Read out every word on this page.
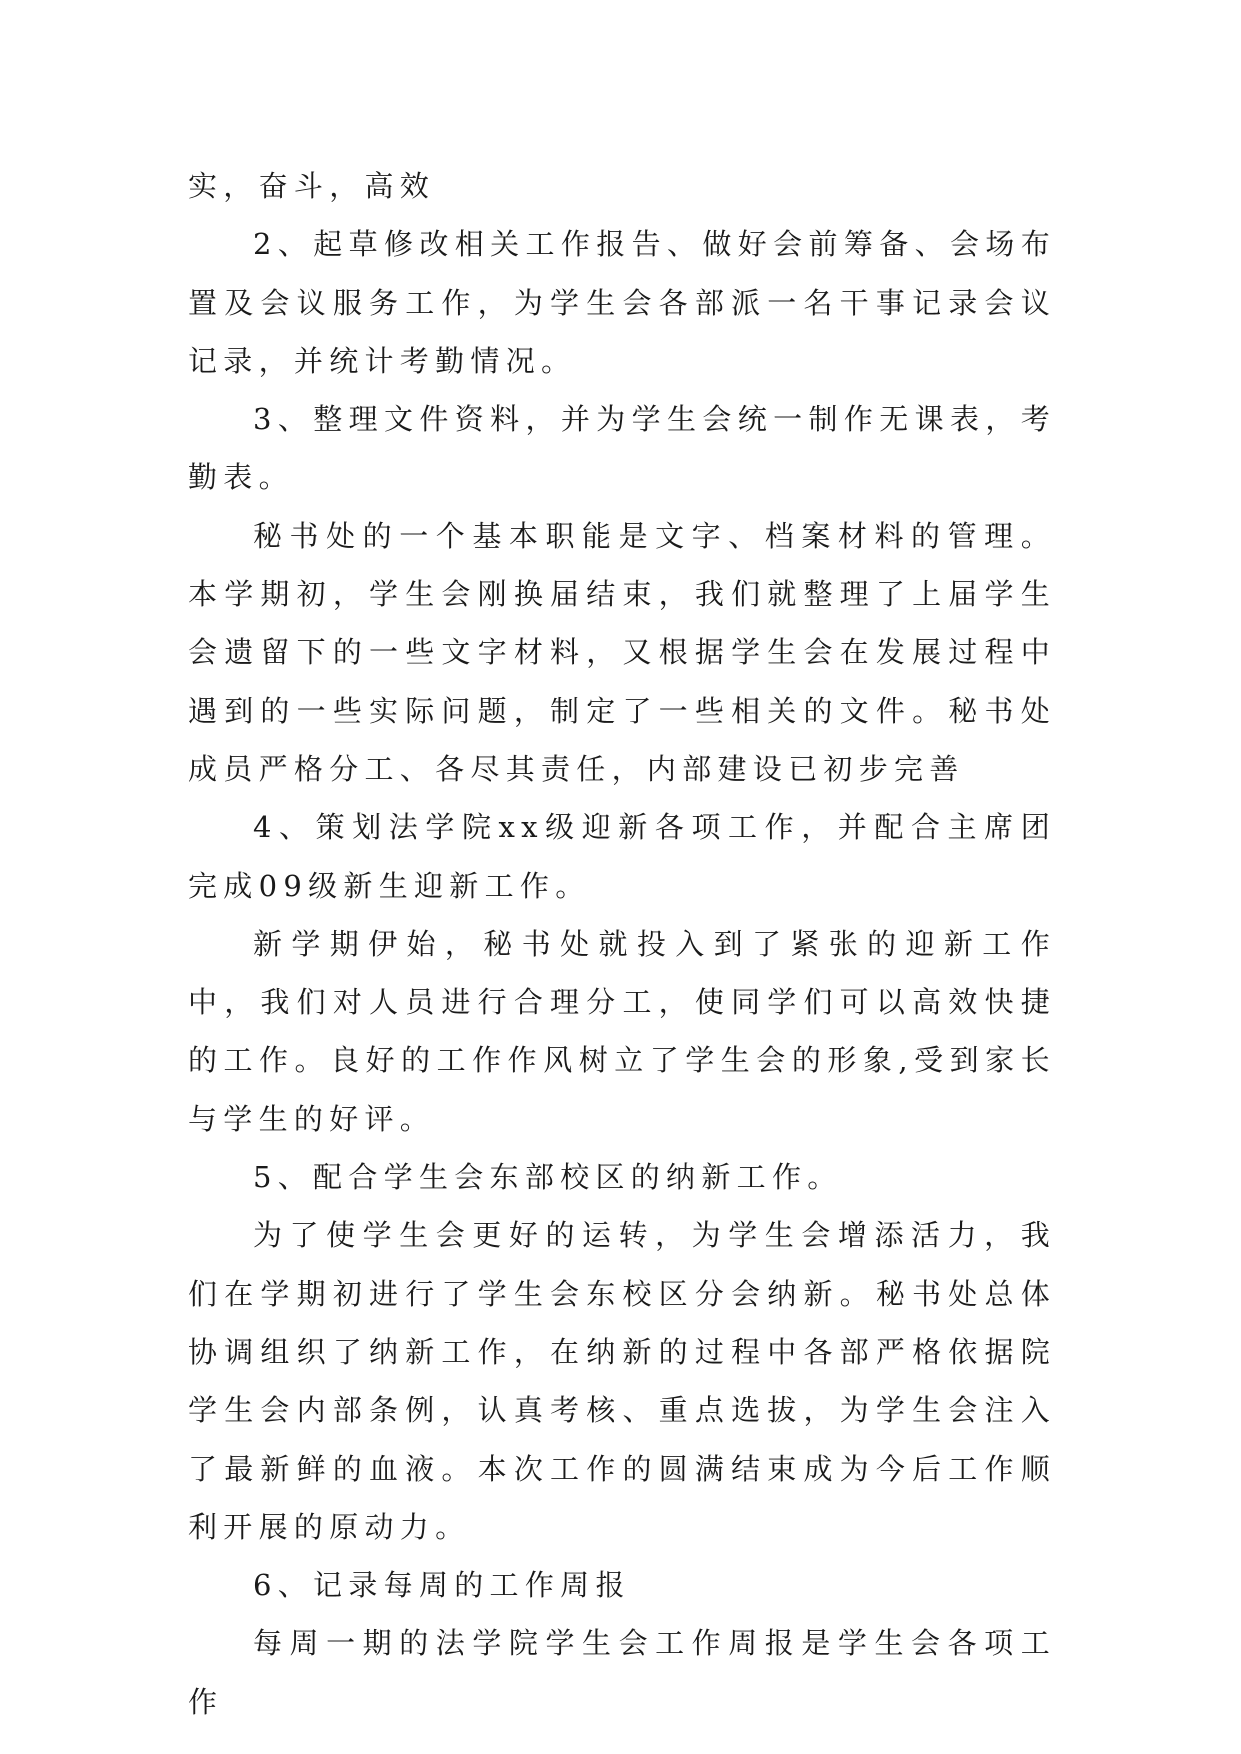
实，奋斗，高效

2、起草修改相关工作报告、做好会前筹备、会场布置及会议服务工作，为学生会各部派一名干事记录会议记录，并统计考勤情况。

3、整理文件资料，并为学生会统一制作无课表，考勤表。

秘书处的一个基本职能是文字、档案材料的管理。本学期初，学生会刚换届结束，我们就整理了上届学生会遗留下的一些文字材料，又根据学生会在发展过程中遇到的一些实际问题，制定了一些相关的文件。秘书处成员严格分工、各尽其责任，内部建设已初步完善

4、策划法学院xx级迎新各项工作，并配合主席团完成09级新生迎新工作。

新学期伊始，秘书处就投入到了紧张的迎新工作中，我们对人员进行合理分工，使同学们可以高效快捷的工作。良好的工作作风树立了学生会的形象,受到家长与学生的好评。

5、配合学生会东部校区的纳新工作。

为了使学生会更好的运转，为学生会增添活力，我们在学期初进行了学生会东校区分会纳新。秘书处总体协调组织了纳新工作，在纳新的过程中各部严格依据院学生会内部条例，认真考核、重点选拔，为学生会注入了最新鲜的血液。本次工作的圆满结束成为今后工作顺利开展的原动力。

6、记录每周的工作周报

每周一期的法学院学生会工作周报是学生会各项工作
